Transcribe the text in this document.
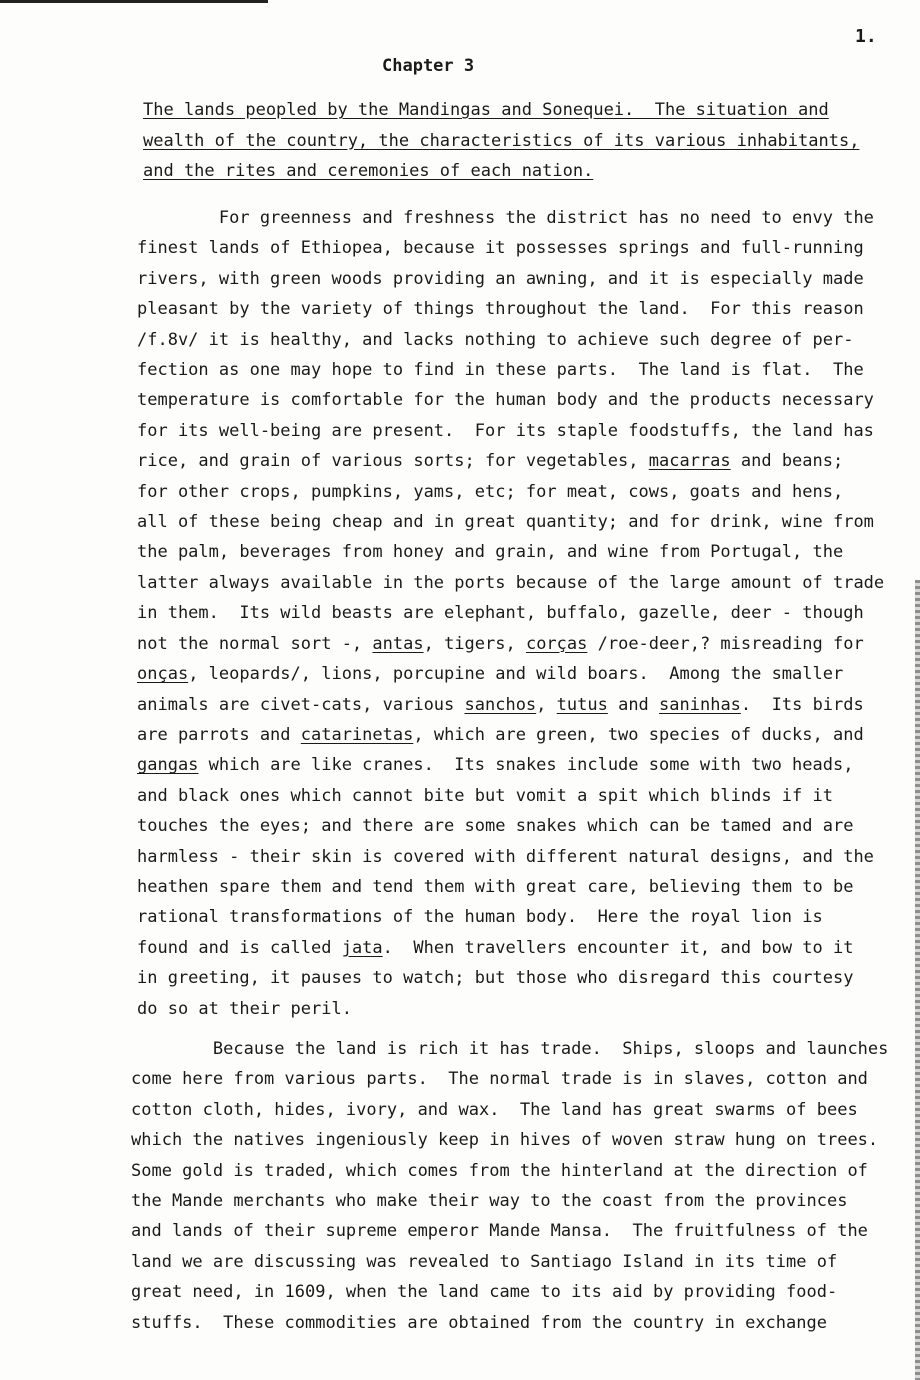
1.

Chapter 3

The lands peopled by the Mandingas and Sonequei.  The situation and
wealth of the country, the characteristics of its various inhabitants,
and the rites and ceremonies of each nation.
For greenness and freshness the district has no need to envy the
finest lands of Ethiopea, because it possesses springs and full-running
rivers, with green woods providing an awning, and it is especially made
pleasant by the variety of things throughout the land.  For this reason
/f.8v/ it is healthy, and lacks nothing to achieve such degree of per-
fection as one may hope to find in these parts.  The land is flat.  The
temperature is comfortable for the human body and the products necessary
for its well-being are present.  For its staple foodstuffs, the land has
rice, and grain of various sorts; for vegetables, macarras and beans;
for other crops, pumpkins, yams, etc; for meat, cows, goats and hens,
all of these being cheap and in great quantity; and for drink, wine from
the palm, beverages from honey and grain, and wine from Portugal, the
latter always available in the ports because of the large amount of trade
in them.  Its wild beasts are elephant, buffalo, gazelle, deer - though
not the normal sort -, antas, tigers, corças /roe-deer,? misreading for
onças, leopards/, lions, porcupine and wild boars.  Among the smaller
animals are civet-cats, various sanchos, tutus and saninhas.  Its birds
are parrots and catarinetas, which are green, two species of ducks, and
gangas which are like cranes.  Its snakes include some with two heads,
and black ones which cannot bite but vomit a spit which blinds if it
touches the eyes; and there are some snakes which can be tamed and are
harmless - their skin is covered with different natural designs, and the
heathen spare them and tend them with great care, believing them to be
rational transformations of the human body.  Here the royal lion is
found and is called jata.  When travellers encounter it, and bow to it
in greeting, it pauses to watch; but those who disregard this courtesy
do so at their peril.
Because the land is rich it has trade.  Ships, sloops and launches
come here from various parts.  The normal trade is in slaves, cotton and
cotton cloth, hides, ivory, and wax.  The land has great swarms of bees
which the natives ingeniously keep in hives of woven straw hung on trees.
Some gold is traded, which comes from the hinterland at the direction of
the Mande merchants who make their way to the coast from the provinces
and lands of their supreme emperor Mande Mansa.  The fruitfulness of the
land we are discussing was revealed to Santiago Island in its time of
great need, in 1609, when the land came to its aid by providing food-
stuffs.  These commodities are obtained from the country in exchange
